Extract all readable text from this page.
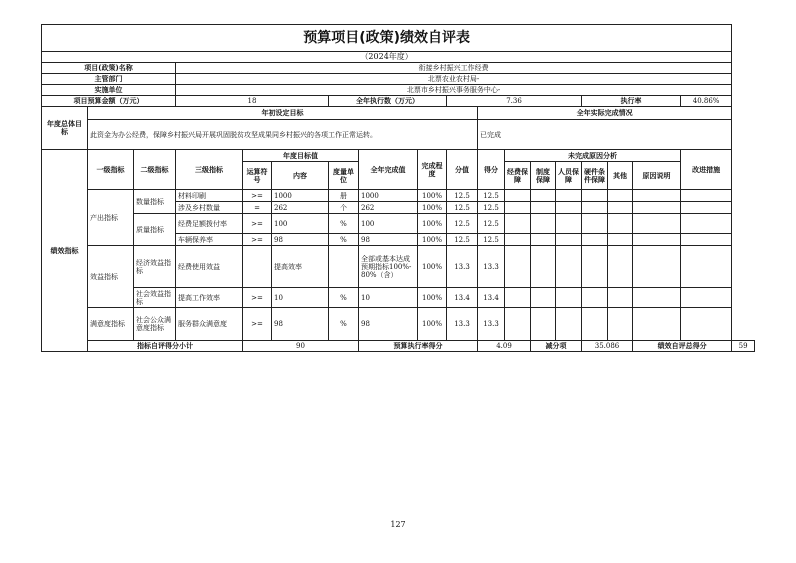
预算项目(政策)绩效自评表																		
（2024年度）																		
项目(政策)名称			衔接乡村振兴工作经费															
主管部门			北票农业农村局-															
实施单位			北票市乡村振兴事务服务中心-															
项目预算金额（万元）			18			全年执行数（万元）			7.36					执行率			40.86%	
年度总体目标	年初设定目标									全年实际完成情况								
	此资金为办公经费，保障乡村振兴局开展巩固脱贫攻坚成果同乡村振兴的各项工作正常运转。									已完成								
绩效指标	一级指标	二级指标	三级指标	年度目标值			全年完成值	完成程度	分值	得分	未完成原因分析						改进措施	
				运算符号	内容	度量单位					经费保障	制度保障	人员保障	硬件条件保障	其他	原因说明		

	产出指标	数量指标	材料印刷	>=	1000	册	1000	100%	12.5	12.5								
			涉及乡村数量	=	262	个	262	100%	12.5	12.5								
		质量指标	经费足额拨付率	>=	100	%	100	100%	12.5	12.5								
			车辆保养率	>=	98	%	98	100%	12.5	12.5								
	效益指标	经济效益指标	经费使用效益		提高效率		全部或基本达成预期指标100%-80%（含）	100%	13.3	13.3								
		社会效益指标	提高工作效率	>=	10	%	10	100%	13.4	13.4								
	满意度指标	社会公众满意度指标	服务群众满意度	>=	98	%	98	100%	13.3	13.3								
	指标自评得分小计			90			预算执行率得分			4.09		减分项		35.086		绩效自评总得分		59
127
